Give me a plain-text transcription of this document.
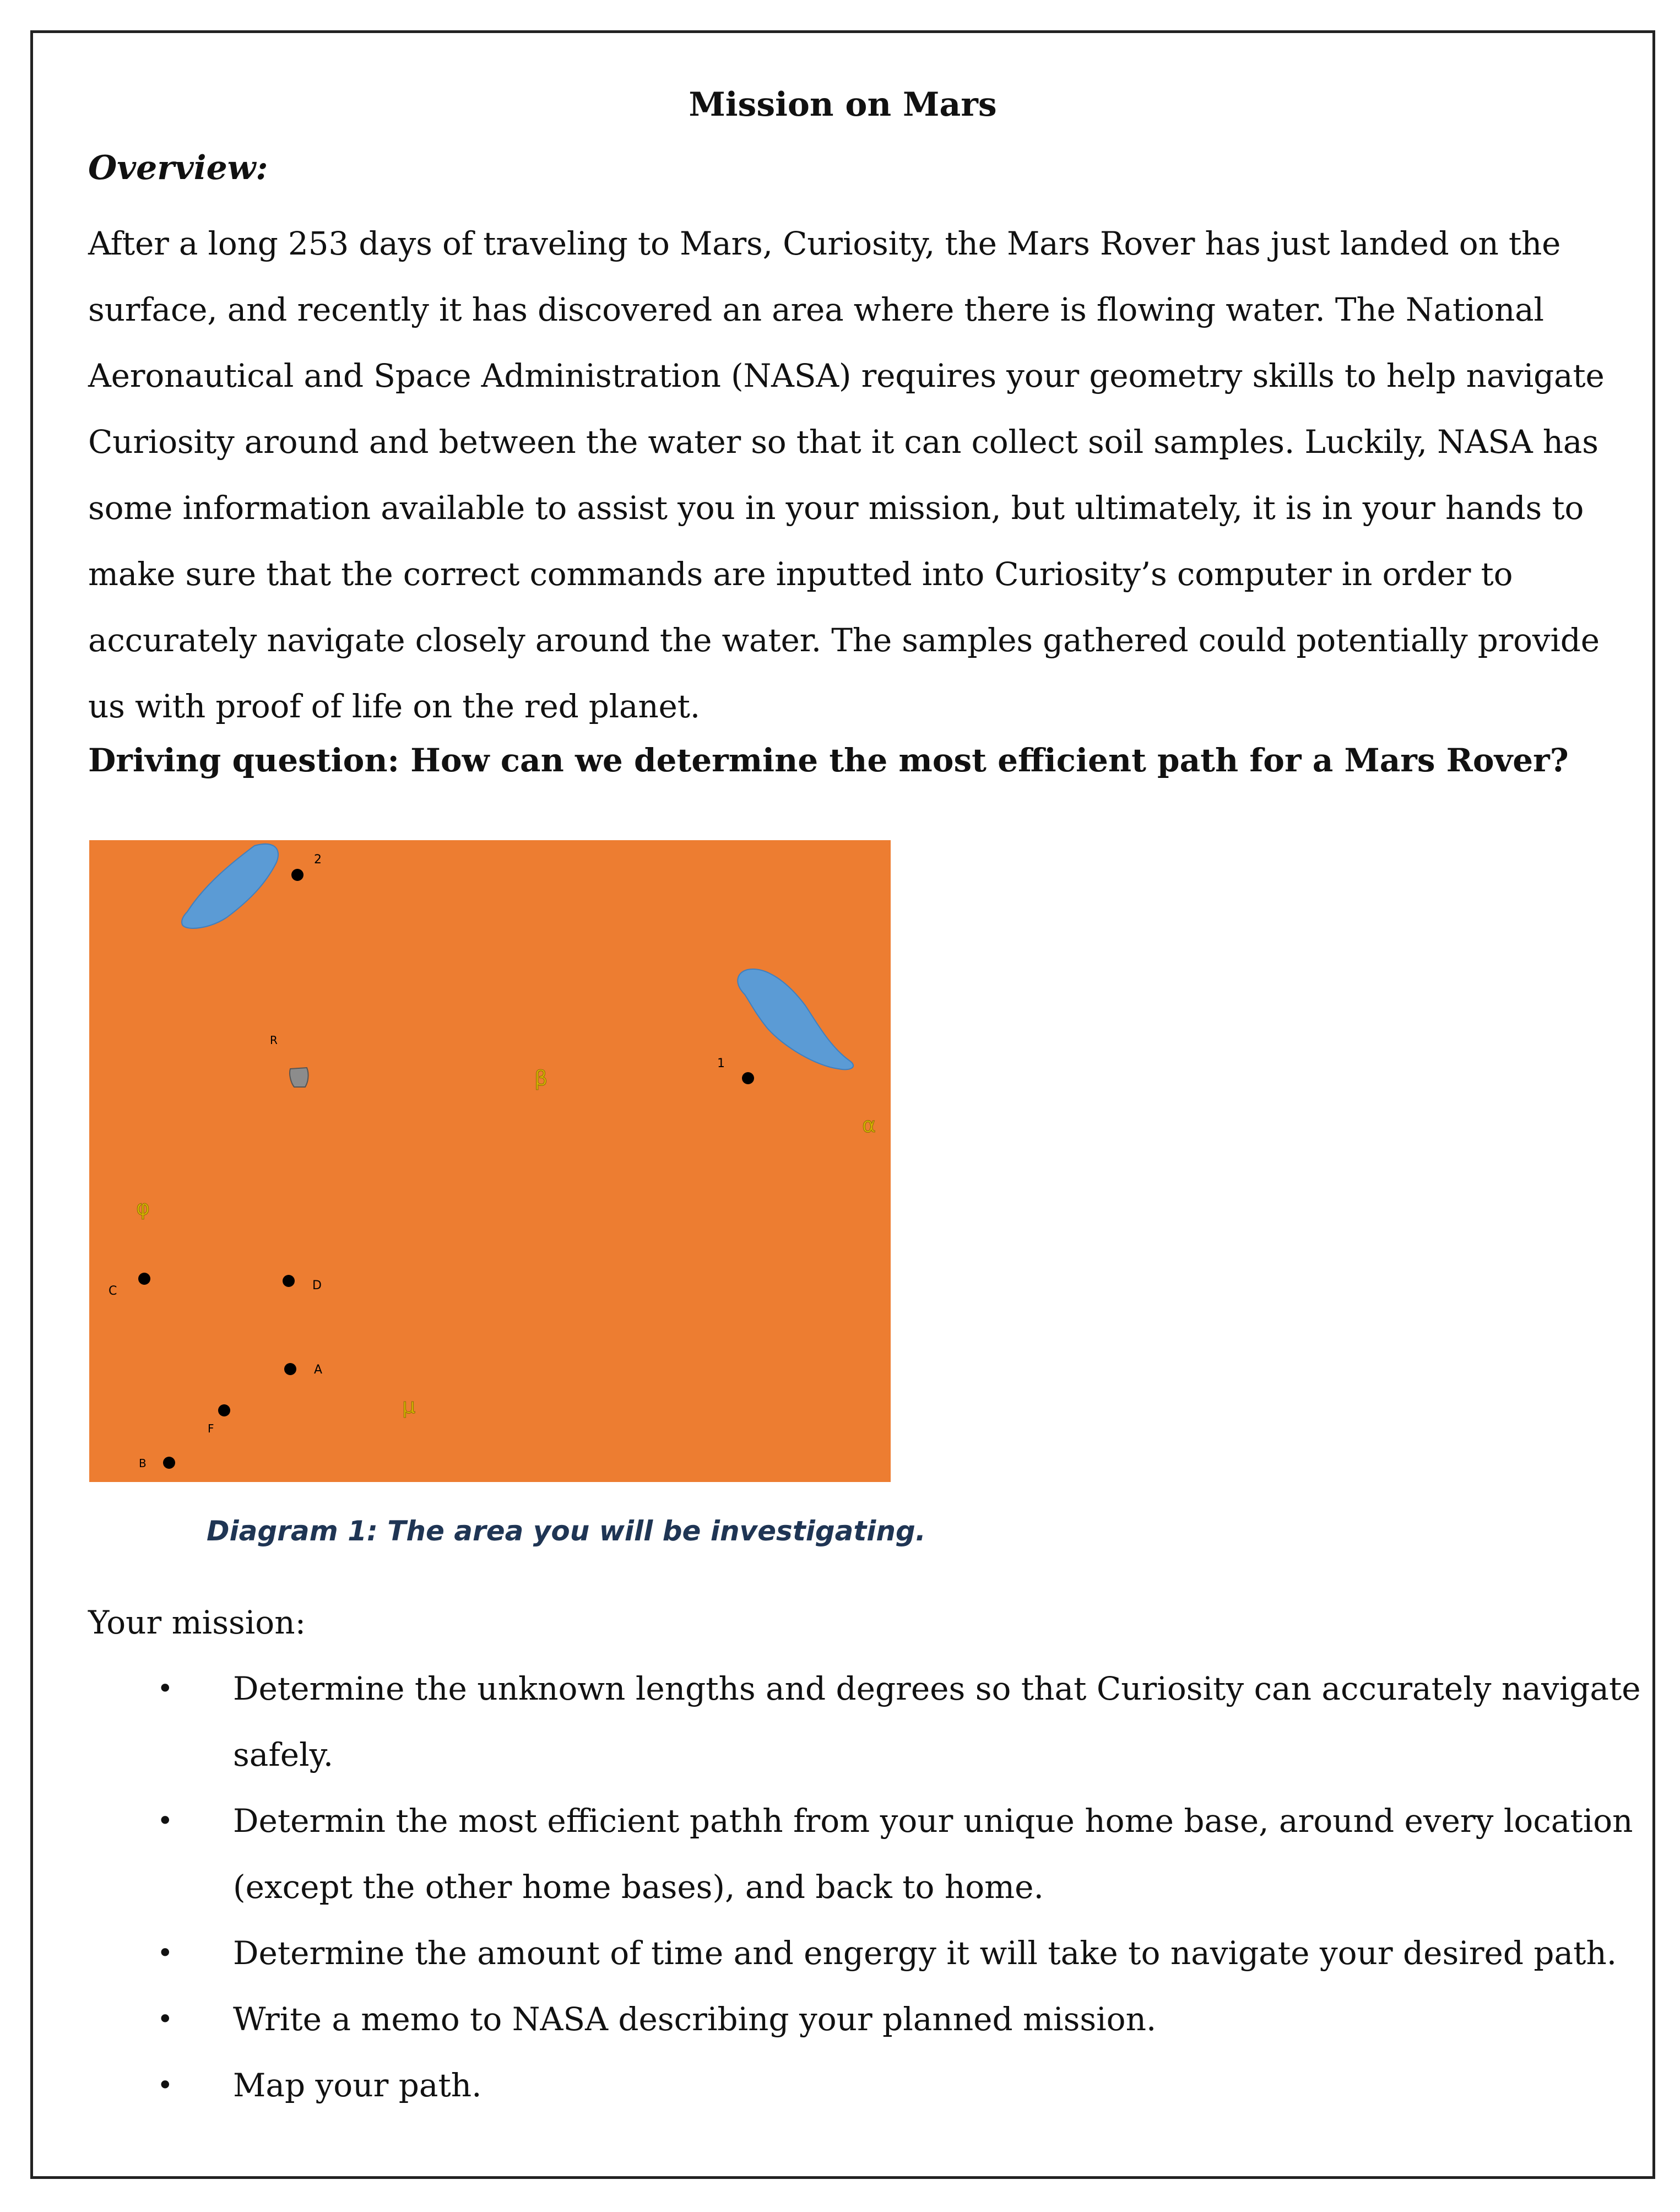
Mission on Mars

Overview:

After a long 253 days of traveling to Mars, Curiosity, the Mars Rover has just landed on the surface, and recently it has discovered an area where there is flowing water. The National Aeronautical and Space Administration (NASA) requires your geometry skills to help navigate Curiosity around and between the water so that it can collect soil samples. Luckily, NASA has some information available to assist you in your mission, but ultimately, it is in your hands to make sure that the correct commands are inputted into Curiosity’s computer in order to accurately navigate closely around the water. The samples gathered could potentially provide us with proof of life on the red planet.

Driving question: How can we determine the most efficient path for a Mars Rover?

2
1
R
C	D
A
F
B
β
α
φ
μ

Diagram 1: The area you will be investigating.

Your mission:

• Determine the unknown lengths and degrees so that Curiosity can accurately navigate safely.
• Determin the most efficient pathh from your unique home base, around every location (except the other home bases), and back to home.
• Determine the amount of time and engergy it will take to navigate your desired path.
• Write a memo to NASA describing your planned mission.
• Map your path.
